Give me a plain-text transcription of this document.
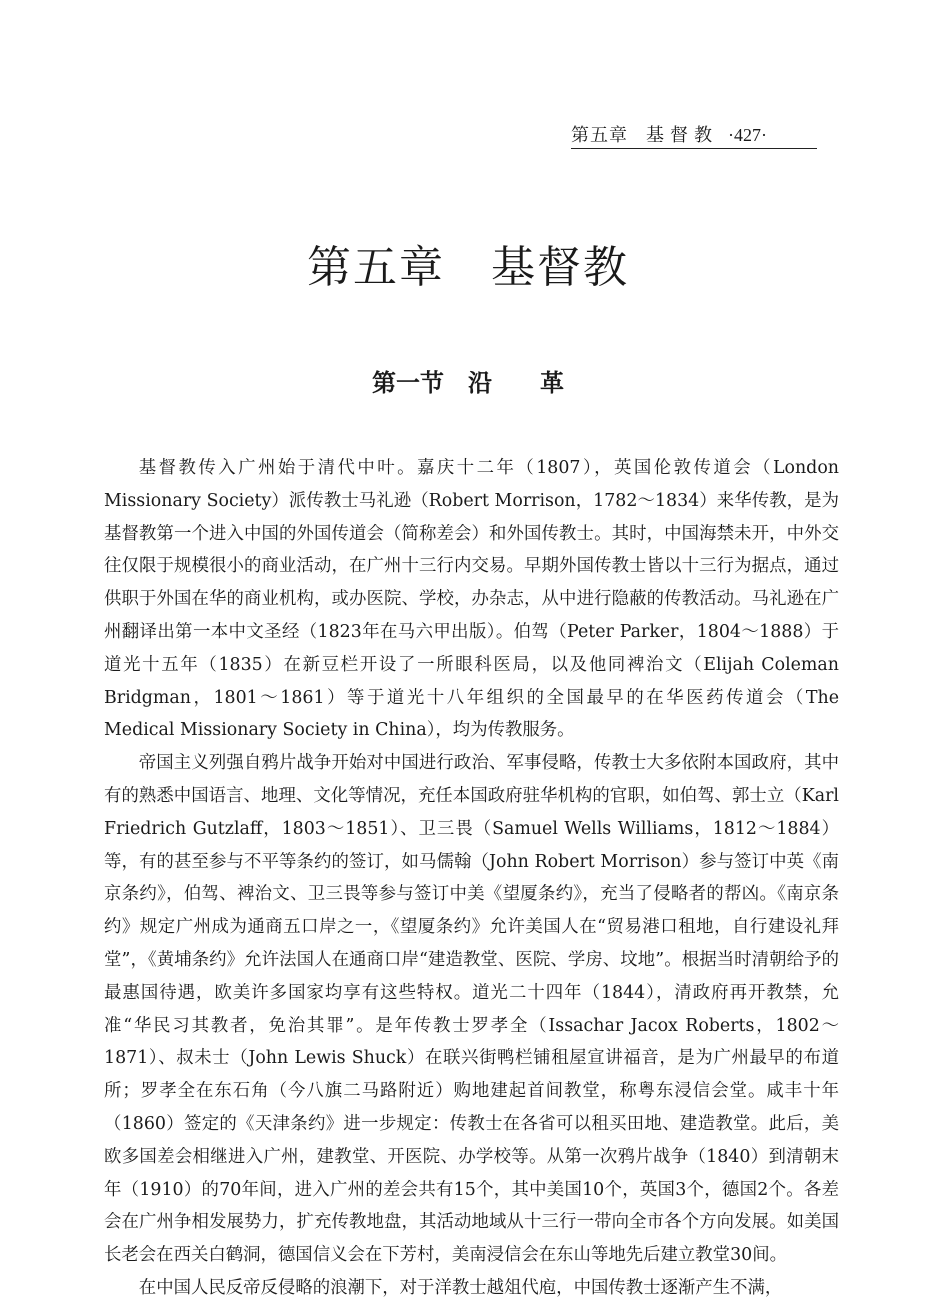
第五章 基督教 ·427·
第五章　基督教
第一节　沿　　革

基督教传入广州始于清代中叶。嘉庆十二年（1807），英国伦敦传道会（London Missionary Society）派传教士马礼逊（Robert Morrison，1782～1834）来华传教，是为基督教第一个进入中国的外国传道会（简称差会）和外国传教士。其时，中国海禁未开，中外交往仅限于规模很小的商业活动，在广州十三行内交易。早期外国传教士皆以十三行为据点，通过供职于外国在华的商业机构，或办医院、学校，办杂志，从中进行隐蔽的传教活动。马礼逊在广州翻译出第一本中文圣经（1823年在马六甲出版）。伯驾（Peter Parker，1804～1888）于道光十五年（1835）在新豆栏开设了一所眼科医局，以及他同裨治文（Elijah Coleman Bridgman，1801～1861）等于道光十八年组织的全国最早的在华医药传道会（The Medical Missionary Society in China），均为传教服务。

帝国主义列强自鸦片战争开始对中国进行政治、军事侵略，传教士大多依附本国政府，其中有的熟悉中国语言、地理、文化等情况，充任本国政府驻华机构的官职，如伯驾、郭士立（Karl Friedrich Gutzlaff，1803～1851）、卫三畏（Samuel Wells Williams，1812～1884）等，有的甚至参与不平等条约的签订，如马儒翰（John Robert Morrison）参与签订中英《南京条约》，伯驾、裨治文、卫三畏等参与签订中美《望厦条约》，充当了侵略者的帮凶。《南京条约》规定广州成为通商五口岸之一，《望厦条约》允许美国人在“贸易港口租地，自行建设礼拜堂”，《黄埔条约》允许法国人在通商口岸“建造教堂、医院、学房、坟地”。根据当时清朝给予的最惠国待遇，欧美许多国家均享有这些特权。道光二十四年（1844），清政府再开教禁，允准“华民习其教者，免治其罪”。是年传教士罗孝全（Issachar Jacox Roberts，1802～1871）、叔未士（John Lewis Shuck）在联兴街鸭栏铺租屋宣讲福音，是为广州最早的布道所；罗孝全在东石角（今八旗二马路附近）购地建起首间教堂，称粤东浸信会堂。咸丰十年（1860）签定的《天津条约》进一步规定：传教士在各省可以租买田地、建造教堂。此后，美欧多国差会相继进入广州，建教堂、开医院、办学校等。从第一次鸦片战争（1840）到清朝末年（1910）的70年间，进入广州的差会共有15个，其中美国10个，英国3个，德国2个。各差会在广州争相发展势力，扩充传教地盘，其活动地域从十三行一带向全市各个方向发展。如美国长老会在西关白鹤洞，德国信义会在下芳村，美南浸信会在东山等地先后建立教堂30间。

在中国人民反帝反侵略的浪潮下，对于洋教士越俎代庖，中国传教士逐渐产生不满，
